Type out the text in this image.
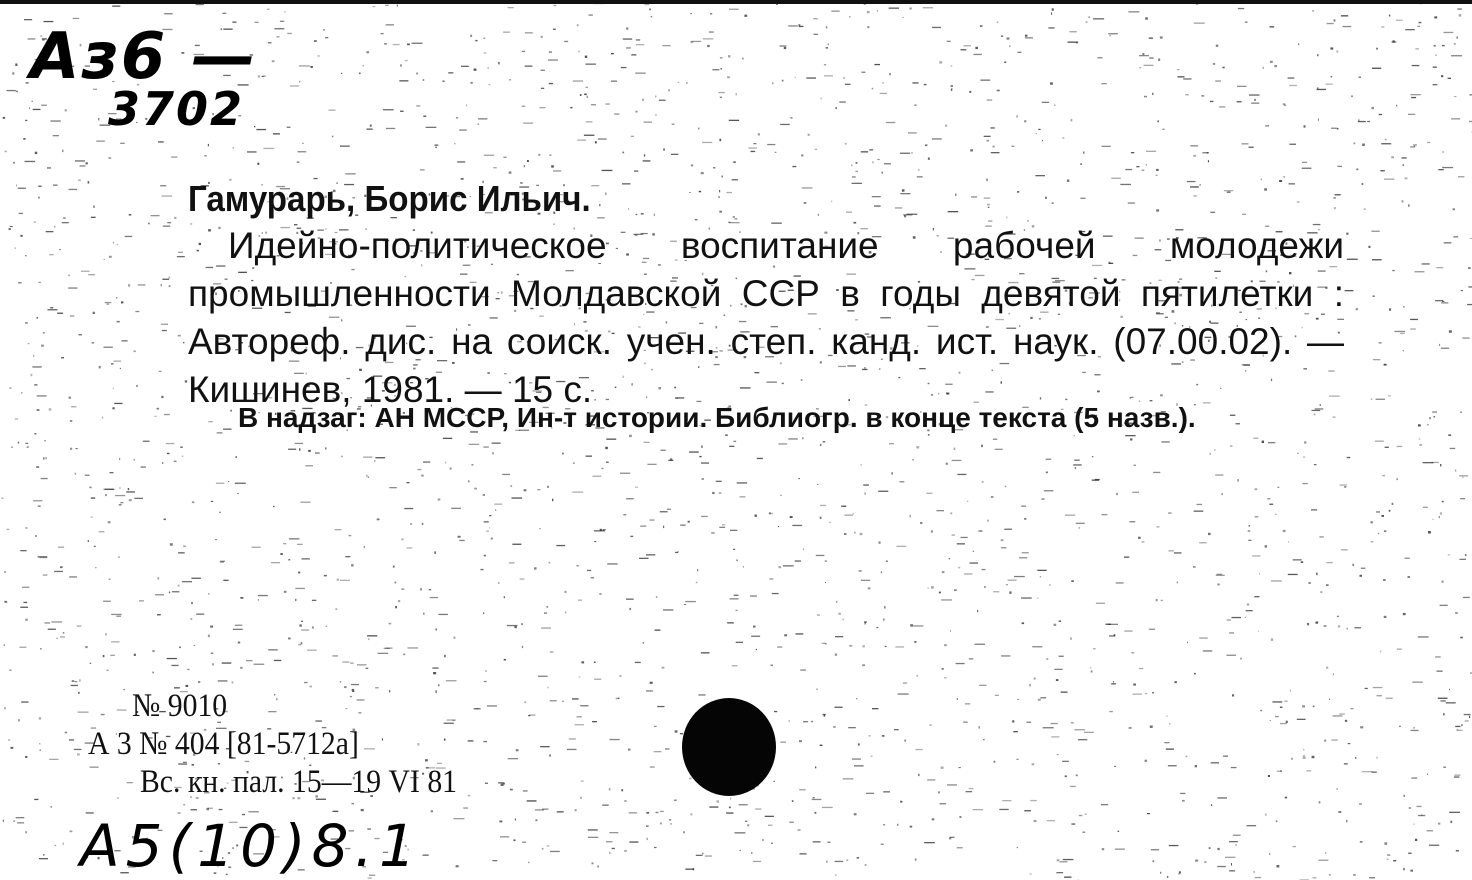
Аз6 —
3702
Гамурарь, Борис Ильич.

Идейно-политическое воспитание рабочей молодежи промышленности Молдавской ССР в годы девятой пятилетки : Автореф. дис. на соиск. учен. степ. канд. ист. наук. (07.00.02). — Кишинев, 1981. — 15 с.

В надзаг: АН МССР, Ин-т истории. Библиогр. в конце текста (5 назв.).

№ 9010
А 3 № 404 [81-5712а]
Вс. кн. пал. 15—19 VI 81
А5(10)8.1
